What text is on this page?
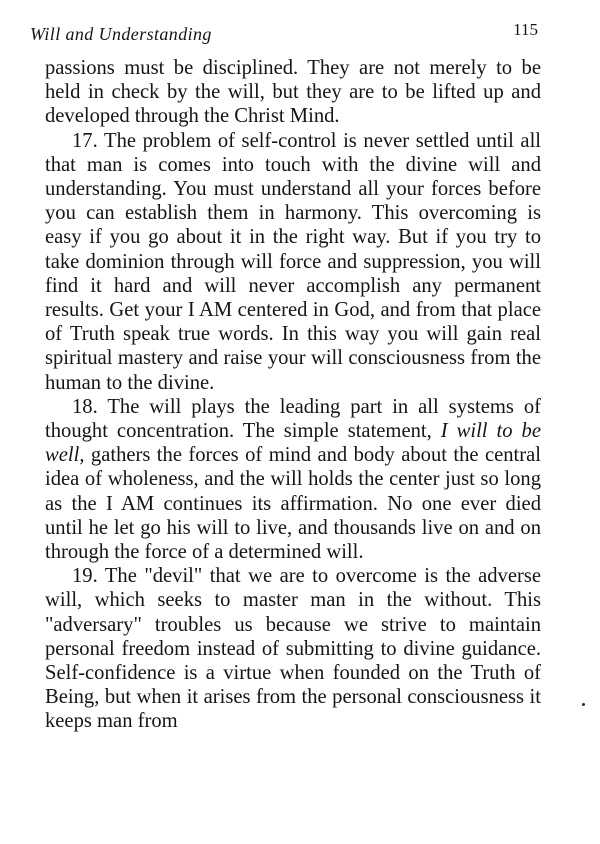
Will and Understanding	115

passions must be disciplined. They are not merely to be held in check by the will, but they are to be lifted up and developed through the Christ Mind.

17. The problem of self-control is never settled until all that man is comes into touch with the divine will and understanding. You must understand all your forces before you can establish them in harmony. This overcoming is easy if you go about it in the right way. But if you try to take dominion through will force and suppression, you will find it hard and will never accomplish any permanent results. Get your I AM centered in God, and from that place of Truth speak true words. In this way you will gain real spiritual mastery and raise your will consciousness from the human to the divine.

18. The will plays the leading part in all systems of thought concentration. The simple statement, I will to be well, gathers the forces of mind and body about the central idea of wholeness, and the will holds the center just so long as the I AM continues its affirmation. No one ever died until he let go his will to live, and thousands live on and on through the force of a determined will.

19. The "devil" that we are to overcome is the adverse will, which seeks to master man in the without. This "adversary" troubles us because we strive to maintain personal freedom instead of submitting to divine guidance. Self-confidence is a virtue when founded on the Truth of Being, but when it arises from the personal consciousness it keeps man from
